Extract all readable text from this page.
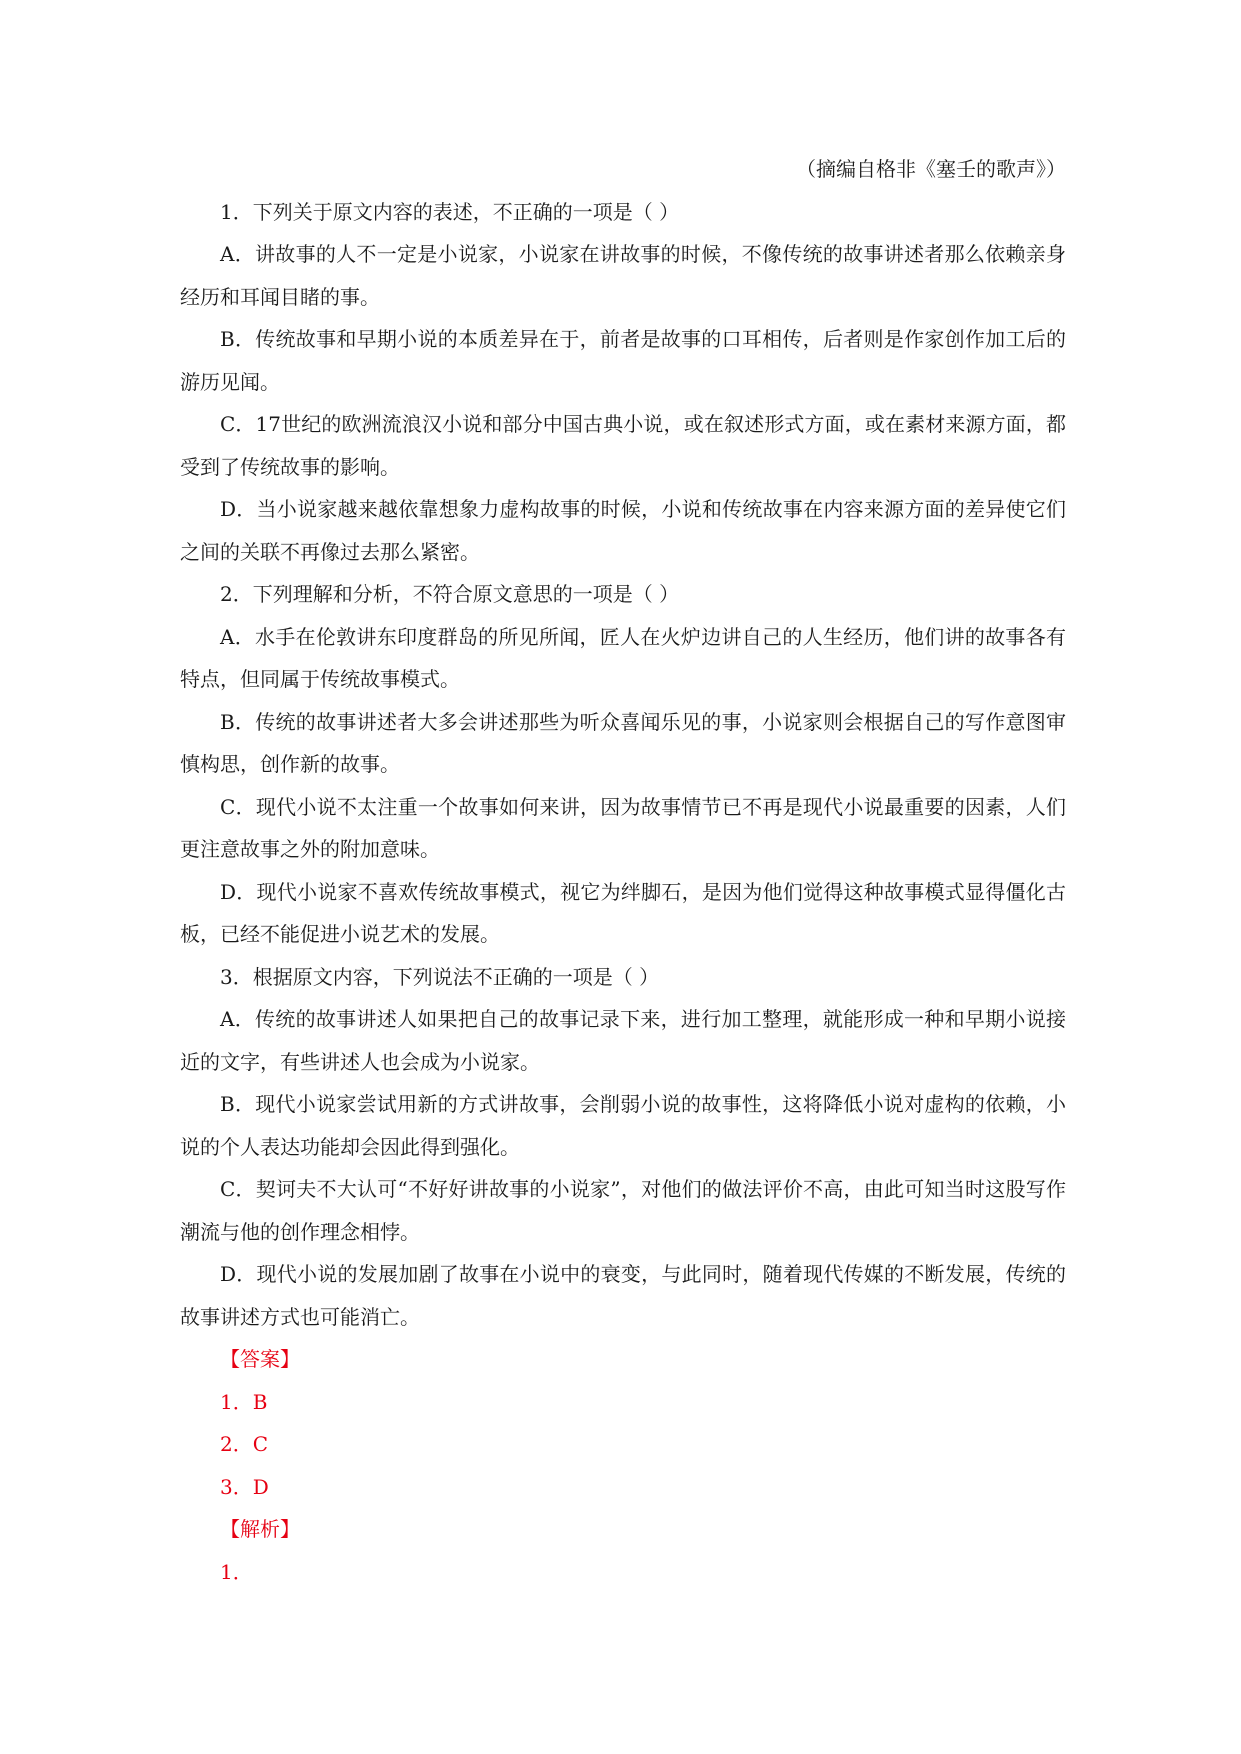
（摘编自格非《塞壬的歌声》）

1．下列关于原文内容的表述，不正确的一项是（ ）

A．讲故事的人不一定是小说家，小说家在讲故事的时候，不像传统的故事讲述者那么依赖亲身经历和耳闻目睹的事。

B．传统故事和早期小说的本质差异在于，前者是故事的口耳相传，后者则是作家创作加工后的游历见闻。

C．17世纪的欧洲流浪汉小说和部分中国古典小说，或在叙述形式方面，或在素材来源方面，都受到了传统故事的影响。

D．当小说家越来越依靠想象力虚构故事的时候，小说和传统故事在内容来源方面的差异使它们之间的关联不再像过去那么紧密。

2．下列理解和分析，不符合原文意思的一项是（ ）

A．水手在伦敦讲东印度群岛的所见所闻，匠人在火炉边讲自己的人生经历，他们讲的故事各有特点，但同属于传统故事模式。

B．传统的故事讲述者大多会讲述那些为听众喜闻乐见的事，小说家则会根据自己的写作意图审慎构思，创作新的故事。

C．现代小说不太注重一个故事如何来讲，因为故事情节已不再是现代小说最重要的因素，人们更注意故事之外的附加意味。

D．现代小说家不喜欢传统故事模式，视它为绊脚石，是因为他们觉得这种故事模式显得僵化古板，已经不能促进小说艺术的发展。

3．根据原文内容，下列说法不正确的一项是（ ）

A．传统的故事讲述人如果把自己的故事记录下来，进行加工整理，就能形成一种和早期小说接近的文字，有些讲述人也会成为小说家。

B．现代小说家尝试用新的方式讲故事，会削弱小说的故事性，这将降低小说对虚构的依赖，小说的个人表达功能却会因此得到强化。

C．契诃夫不大认可“不好好讲故事的小说家”，对他们的做法评价不高，由此可知当时这股写作潮流与他的创作理念相悖。

D．现代小说的发展加剧了故事在小说中的衰变，与此同时，随着现代传媒的不断发展，传统的故事讲述方式也可能消亡。

【答案】

1．B

2．C

3．D

【解析】

1．
